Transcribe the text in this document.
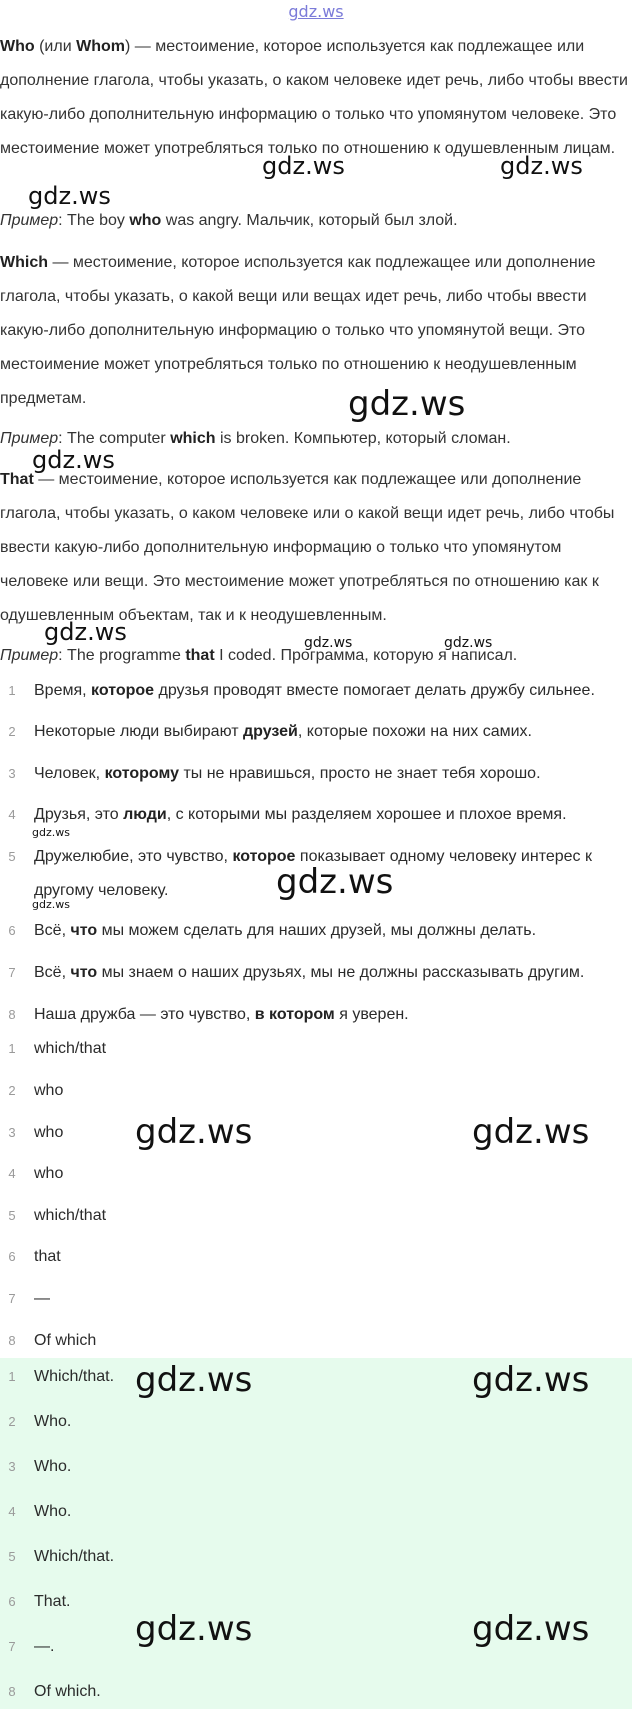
gdz.ws

Who (или Whom) — местоимение, которое используется как подлежащее или дополнение глагола, чтобы указать, о каком человеке идет речь, либо чтобы ввести какую-либо дополнительную информацию о только что упомянутом человеке. Это местоимение может употребляться только по отношению к одушевленным лицам.

Пример: The boy who was angry. Мальчик, который был злой.

Which — местоимение, которое используется как подлежащее или дополнение глагола, чтобы указать, о какой вещи или вещах идет речь, либо чтобы ввести какую-либо дополнительную информацию о только что упомянутой вещи. Это местоимение может употребляться только по отношению к неодушевленным предметам.

Пример: The computer which is broken. Компьютер, который сломан.

That — местоимение, которое используется как подлежащее или дополнение глагола, чтобы указать, о каком человеке или о какой вещи идет речь, либо чтобы ввести какую-либо дополнительную информацию о только что упомянутом человеке или вещи. Это местоимение может употребляться по отношению как к одушевленным объектам, так и к неодушевленным.

Пример: The programme that I coded. Программа, которую я написал.

1	Время, которое друзья проводят вместе помогает делать дружбу сильнее.
2	Некоторые люди выбирают друзей, которые похожи на них самих.
3	Человек, которому ты не нравишься, просто не знает тебя хорошо.
4	Друзья, это люди, с которыми мы разделяем хорошее и плохое время.
5	Дружелюбие, это чувство, которое показывает одному человеку интерес к другому человеку.
6	Всё, что мы можем сделать для наших друзей, мы должны делать.
7	Всё, что мы знаем о наших друзьях, мы не должны рассказывать другим.
8	Наша дружба — это чувство, в котором я уверен.
1	which/that
2	who
3	who
4	who
5	which/that
6	that
7	—
8	Of which
1	Which/that.
2	Who.
3	Who.
4	Who.
5	Which/that.
6	That.
7	—.
8	Of which.
gdz.ws	gdz.ws
gdz.ws
gdz.ws
gdz.ws
gdz.ws	gdz.ws	gdz.ws
gdz.ws
gdz.ws
gdz.ws
gdz.ws	gdz.ws
gdz.ws	gdz.ws
gdz.ws	gdz.ws
